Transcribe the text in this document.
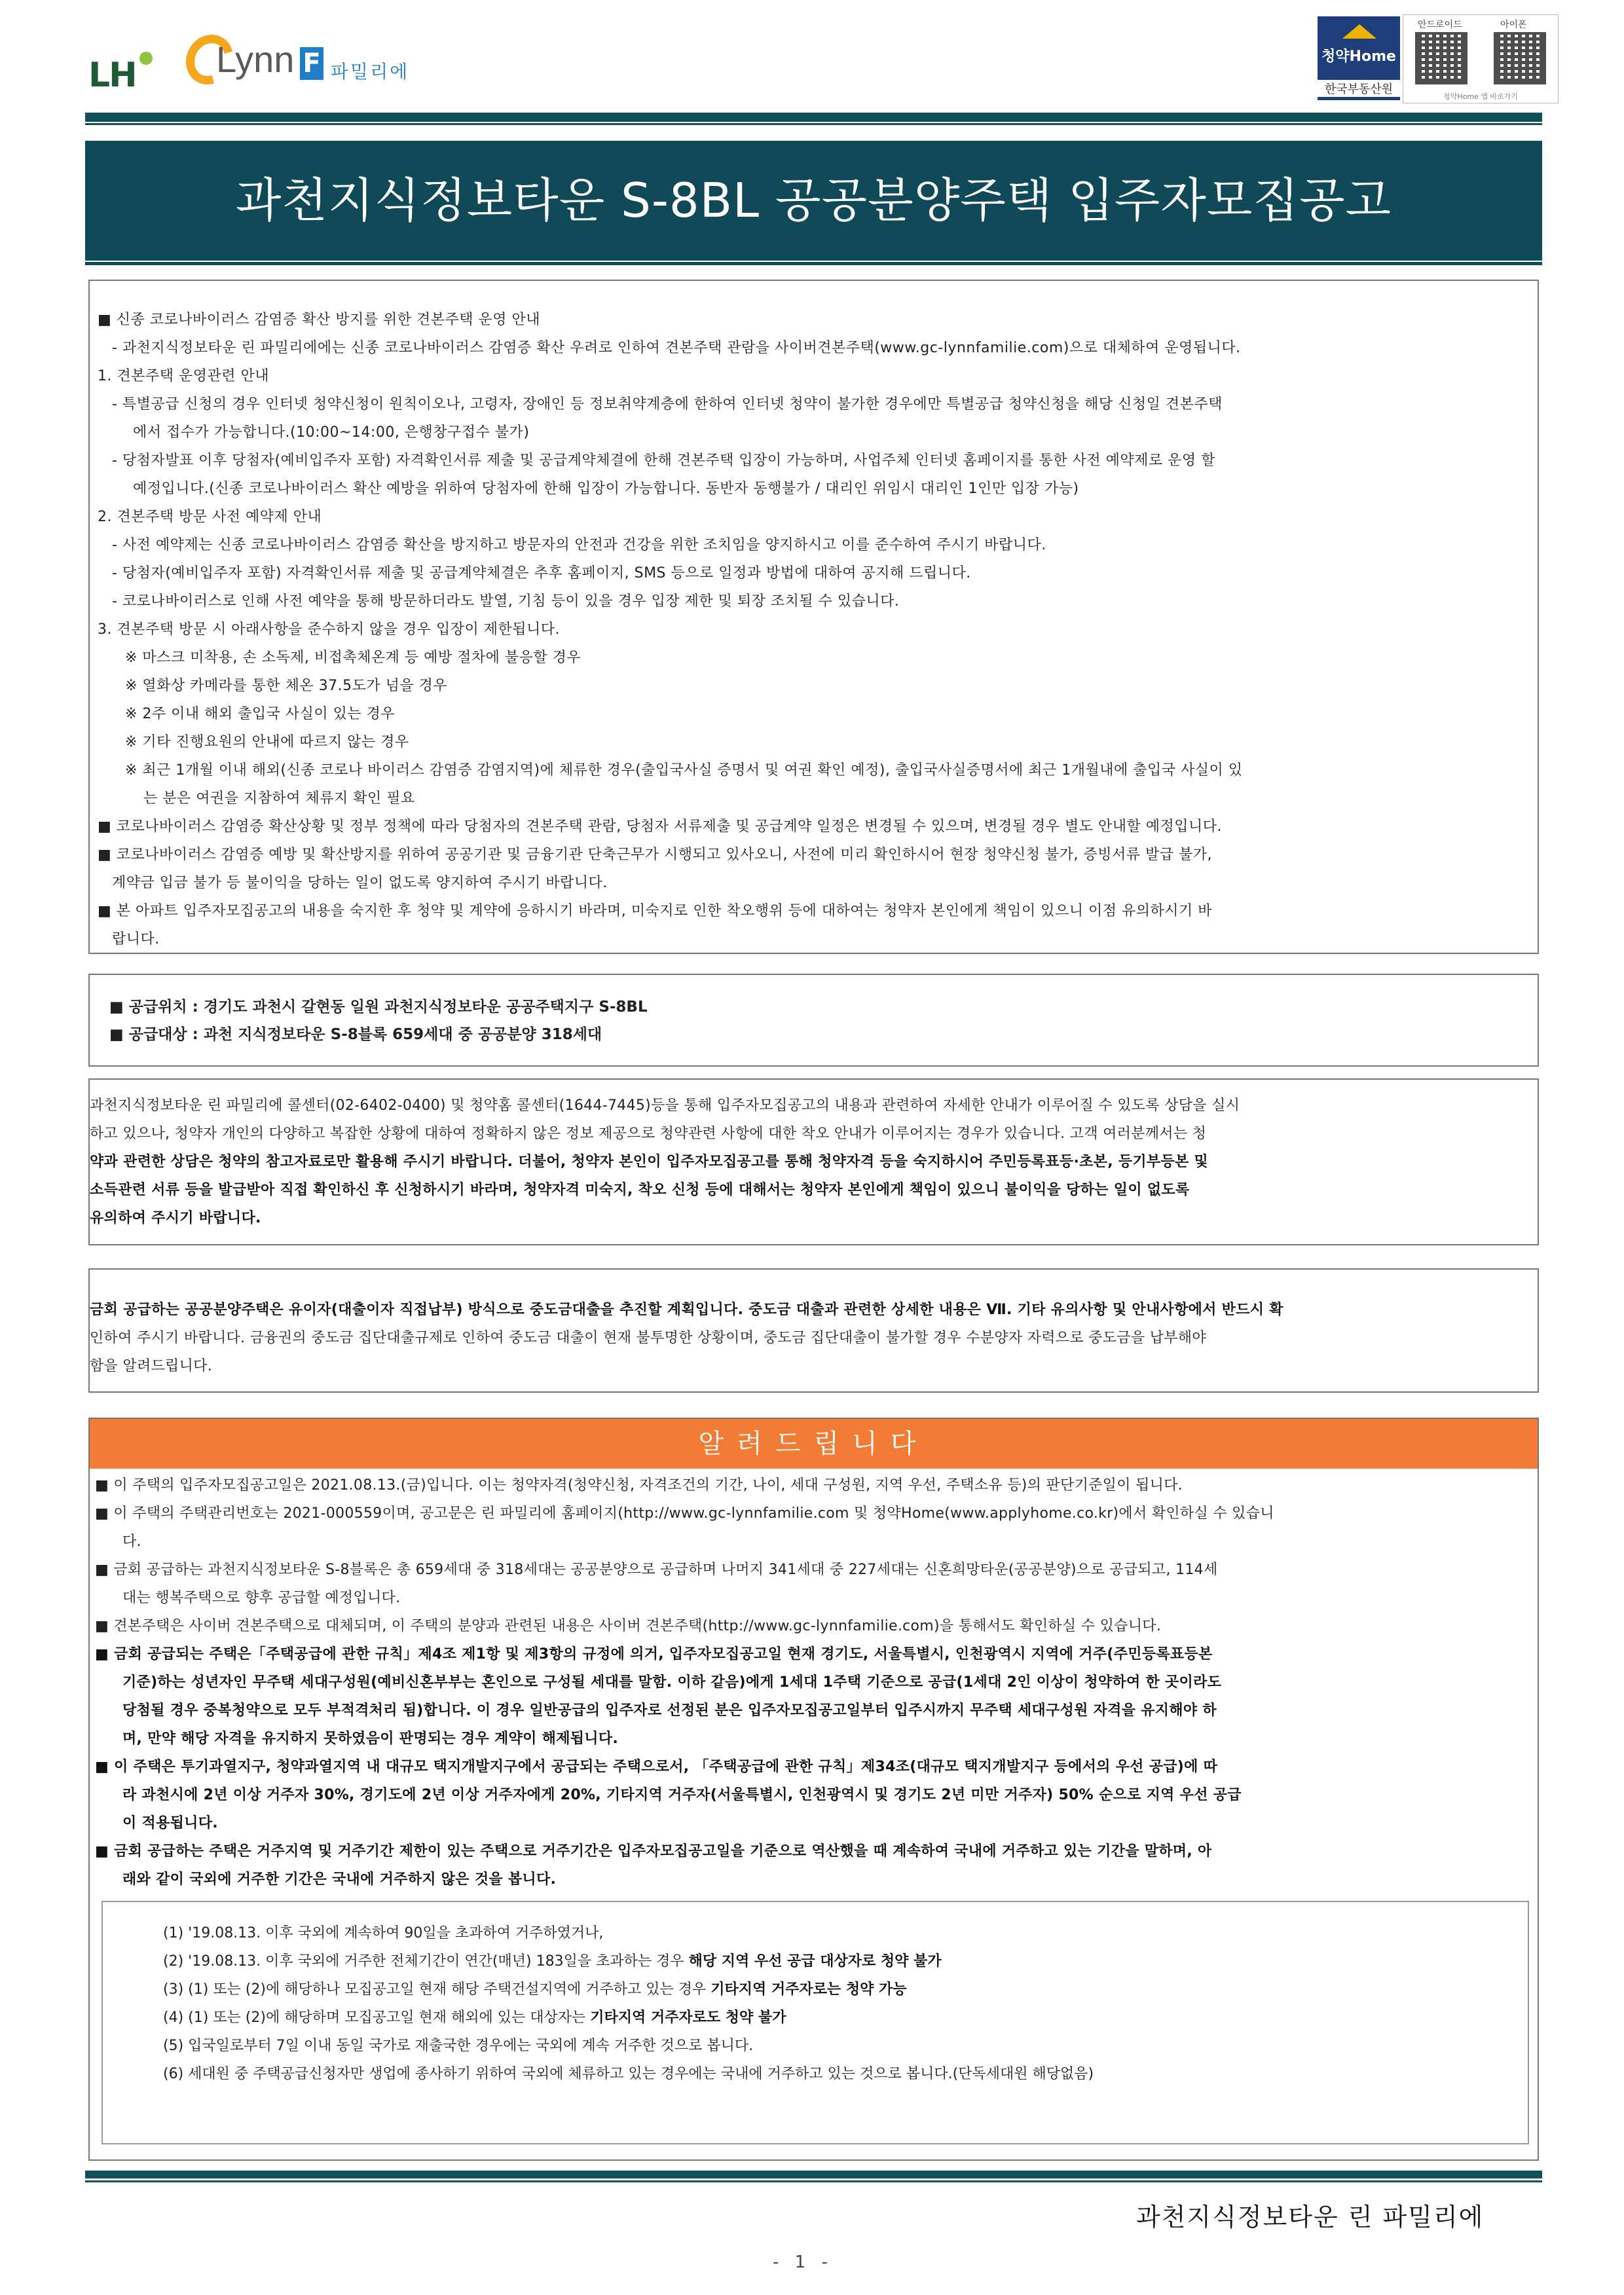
LH Lynn F 파밀리에
청약Home
한국부동산원
안드로이드	아이폰
청약Home 앱 바로가기
과천지식정보타운 S-8BL 공공분양주택 입주자모집공고
■ 신종 코로나바이러스 감염증 확산 방지를 위한 견본주택 운영 안내
- 과천지식정보타운 린 파밀리에에는 신종 코로나바이러스 감염증 확산 우려로 인하여 견본주택 관람을 사이버견본주택(www.gc-lynnfamilie.com)으로 대체하여 운영됩니다.
1. 견본주택 운영관련 안내
- 특별공급 신청의 경우 인터넷 청약신청이 원칙이오나, 고령자, 장애인 등 정보취약계층에 한하여 인터넷 청약이 불가한 경우에만 특별공급 청약신청을 해당 신청일 견본주택
에서 접수가 가능합니다.(10:00~14:00, 은행창구접수 불가)
- 당첨자발표 이후 당첨자(예비입주자 포함) 자격확인서류 제출 및 공급계약체결에 한해 견본주택 입장이 가능하며, 사업주체 인터넷 홈페이지를 통한 사전 예약제로 운영 할
예정입니다.(신종 코로나바이러스 확산 예방을 위하여 당첨자에 한해 입장이 가능합니다. 동반자 동행불가 / 대리인 위임시 대리인 1인만 입장 가능)
2. 견본주택 방문 사전 예약제 안내
- 사전 예약제는 신종 코로나바이러스 감염증 확산을 방지하고 방문자의 안전과 건강을 위한 조치임을 양지하시고 이를 준수하여 주시기 바랍니다.
- 당첨자(예비입주자 포함) 자격확인서류 제출 및 공급계약체결은 추후 홈페이지, SMS 등으로 일정과 방법에 대하여 공지해 드립니다.
- 코로나바이러스로 인해 사전 예약을 통해 방문하더라도 발열, 기침 등이 있을 경우 입장 제한 및 퇴장 조치될 수 있습니다.
3. 견본주택 방문 시 아래사항을 준수하지 않을 경우 입장이 제한됩니다.
※ 마스크 미착용, 손 소독제, 비접촉체온계 등 예방 절차에 불응할 경우
※ 열화상 카메라를 통한 체온 37.5도가 넘을 경우
※ 2주 이내 해외 출입국 사실이 있는 경우
※ 기타 진행요원의 안내에 따르지 않는 경우
※ 최근 1개월 이내 해외(신종 코로나 바이러스 감염증 감염지역)에 체류한 경우(출입국사실 증명서 및 여권 확인 예정), 출입국사실증명서에 최근 1개월내에 출입국 사실이 있
는 분은 여권을 지참하여 체류지 확인 필요
■ 코로나바이러스 감염증 확산상황 및 정부 정책에 따라 당첨자의 견본주택 관람, 당첨자 서류제출 및 공급계약 일정은 변경될 수 있으며, 변경될 경우 별도 안내할 예정입니다.
■ 코로나바이러스 감염증 예방 및 확산방지를 위하여 공공기관 및 금융기관 단축근무가 시행되고 있사오니, 사전에 미리 확인하시어 현장 청약신청 불가, 증빙서류 발급 불가,
계약금 입금 불가 등 불이익을 당하는 일이 없도록 양지하여 주시기 바랍니다.
■ 본 아파트 입주자모집공고의 내용을 숙지한 후 청약 및 계약에 응하시기 바라며, 미숙지로 인한 착오행위 등에 대하여는 청약자 본인에게 책임이 있으니 이점 유의하시기 바
랍니다.
■ 공급위치 : 경기도 과천시 갈현동 일원 과천지식정보타운 공공주택지구 S-8BL
■ 공급대상 : 과천 지식정보타운 S-8블록 659세대 중 공공분양 318세대
과천지식정보타운 린 파밀리에 콜센터(02-6402-0400) 및 청약홈 콜센터(1644-7445)등을 통해 입주자모집공고의 내용과 관련하여 자세한 안내가 이루어질 수 있도록 상담을 실시
하고 있으나, 청약자 개인의 다양하고 복잡한 상황에 대하여 정확하지 않은 정보 제공으로 청약관련 사항에 대한 착오 안내가 이루어지는 경우가 있습니다. 고객 여러분께서는 청
약과 관련한 상담은 청약의 참고자료로만 활용해 주시기 바랍니다. 더불어, 청약자 본인이 입주자모집공고를 통해 청약자격 등을 숙지하시어 주민등록표등·초본, 등기부등본 및
소득관련 서류 등을 발급받아 직접 확인하신 후 신청하시기 바라며, 청약자격 미숙지, 착오 신청 등에 대해서는 청약자 본인에게 책임이 있으니 불이익을 당하는 일이 없도록
유의하여 주시기 바랍니다.
금회 공급하는 공공분양주택은 유이자(대출이자 직접납부) 방식으로 중도금대출을 추진할 계획입니다. 중도금 대출과 관련한 상세한 내용은 Ⅶ. 기타 유의사항 및 안내사항에서 반드시 확
인하여 주시기 바랍니다. 금융권의 중도금 집단대출규제로 인하여 중도금 대출이 현재 불투명한 상황이며, 중도금 집단대출이 불가할 경우 수분양자 자력으로 중도금을 납부해야
함을 알려드립니다.
알려드립니다
■ 이 주택의 입주자모집공고일은 2021.08.13.(금)입니다. 이는 청약자격(청약신청, 자격조건의 기간, 나이, 세대 구성원, 지역 우선, 주택소유 등)의 판단기준일이 됩니다.
■ 이 주택의 주택관리번호는 2021-000559이며, 공고문은 린 파밀리에 홈페이지(http://www.gc-lynnfamilie.com 및 청약Home(www.applyhome.co.kr)에서 확인하실 수 있습니
다.
■ 금회 공급하는 과천지식정보타운 S-8블록은 총 659세대 중 318세대는 공공분양으로 공급하며 나머지 341세대 중 227세대는 신혼희망타운(공공분양)으로 공급되고, 114세
대는 행복주택으로 향후 공급할 예정입니다.
■ 견본주택은 사이버 견본주택으로 대체되며, 이 주택의 분양과 관련된 내용은 사이버 견본주택(http://www.gc-lynnfamilie.com)을 통해서도 확인하실 수 있습니다.
■ 금회 공급되는 주택은「주택공급에 관한 규칙」제4조 제1항 및 제3항의 규정에 의거, 입주자모집공고일 현재 경기도, 서울특별시, 인천광역시 지역에 거주(주민등록표등본
기준)하는 성년자인 무주택 세대구성원(예비신혼부부는 혼인으로 구성될 세대를 말함. 이하 같음)에게 1세대 1주택 기준으로 공급(1세대 2인 이상이 청약하여 한 곳이라도
당첨될 경우 중복청약으로 모두 부적격처리 됨)합니다. 이 경우 일반공급의 입주자로 선정된 분은 입주자모집공고일부터 입주시까지 무주택 세대구성원 자격을 유지해야 하
며, 만약 해당 자격을 유지하지 못하였음이 판명되는 경우 계약이 해제됩니다.
■ 이 주택은 투기과열지구, 청약과열지역 내 대규모 택지개발지구에서 공급되는 주택으로서, 「주택공급에 관한 규칙」제34조(대규모 택지개발지구 등에서의 우선 공급)에 따
라 과천시에 2년 이상 거주자 30%, 경기도에 2년 이상 거주자에게 20%, 기타지역 거주자(서울특별시, 인천광역시 및 경기도 2년 미만 거주자) 50% 순으로 지역 우선 공급
이 적용됩니다.
■ 금회 공급하는 주택은 거주지역 및 거주기간 제한이 있는 주택으로 거주기간은 입주자모집공고일을 기준으로 역산했을 때 계속하여 국내에 거주하고 있는 기간을 말하며, 아
래와 같이 국외에 거주한 기간은 국내에 거주하지 않은 것을 봅니다.
(1) '19.08.13. 이후 국외에 계속하여 90일을 초과하여 거주하였거나,
(2) '19.08.13. 이후 국외에 거주한 전체기간이 연간(매년) 183일을 초과하는 경우 해당 지역 우선 공급 대상자로 청약 불가
(3) (1) 또는 (2)에 해당하나 모집공고일 현재 해당 주택건설지역에 거주하고 있는 경우 기타지역 거주자로는 청약 가능
(4) (1) 또는 (2)에 해당하며 모집공고일 현재 해외에 있는 대상자는 기타지역 거주자로도 청약 불가
(5) 입국일로부터 7일 이내 동일 국가로 재출국한 경우에는 국외에 계속 거주한 것으로 봅니다.
(6) 세대원 중 주택공급신청자만 생업에 종사하기 위하여 국외에 체류하고 있는 경우에는 국내에 거주하고 있는 것으로 봅니다.(단독세대원 해당없음)
과천지식정보타운 린 파밀리에
- 1 -
